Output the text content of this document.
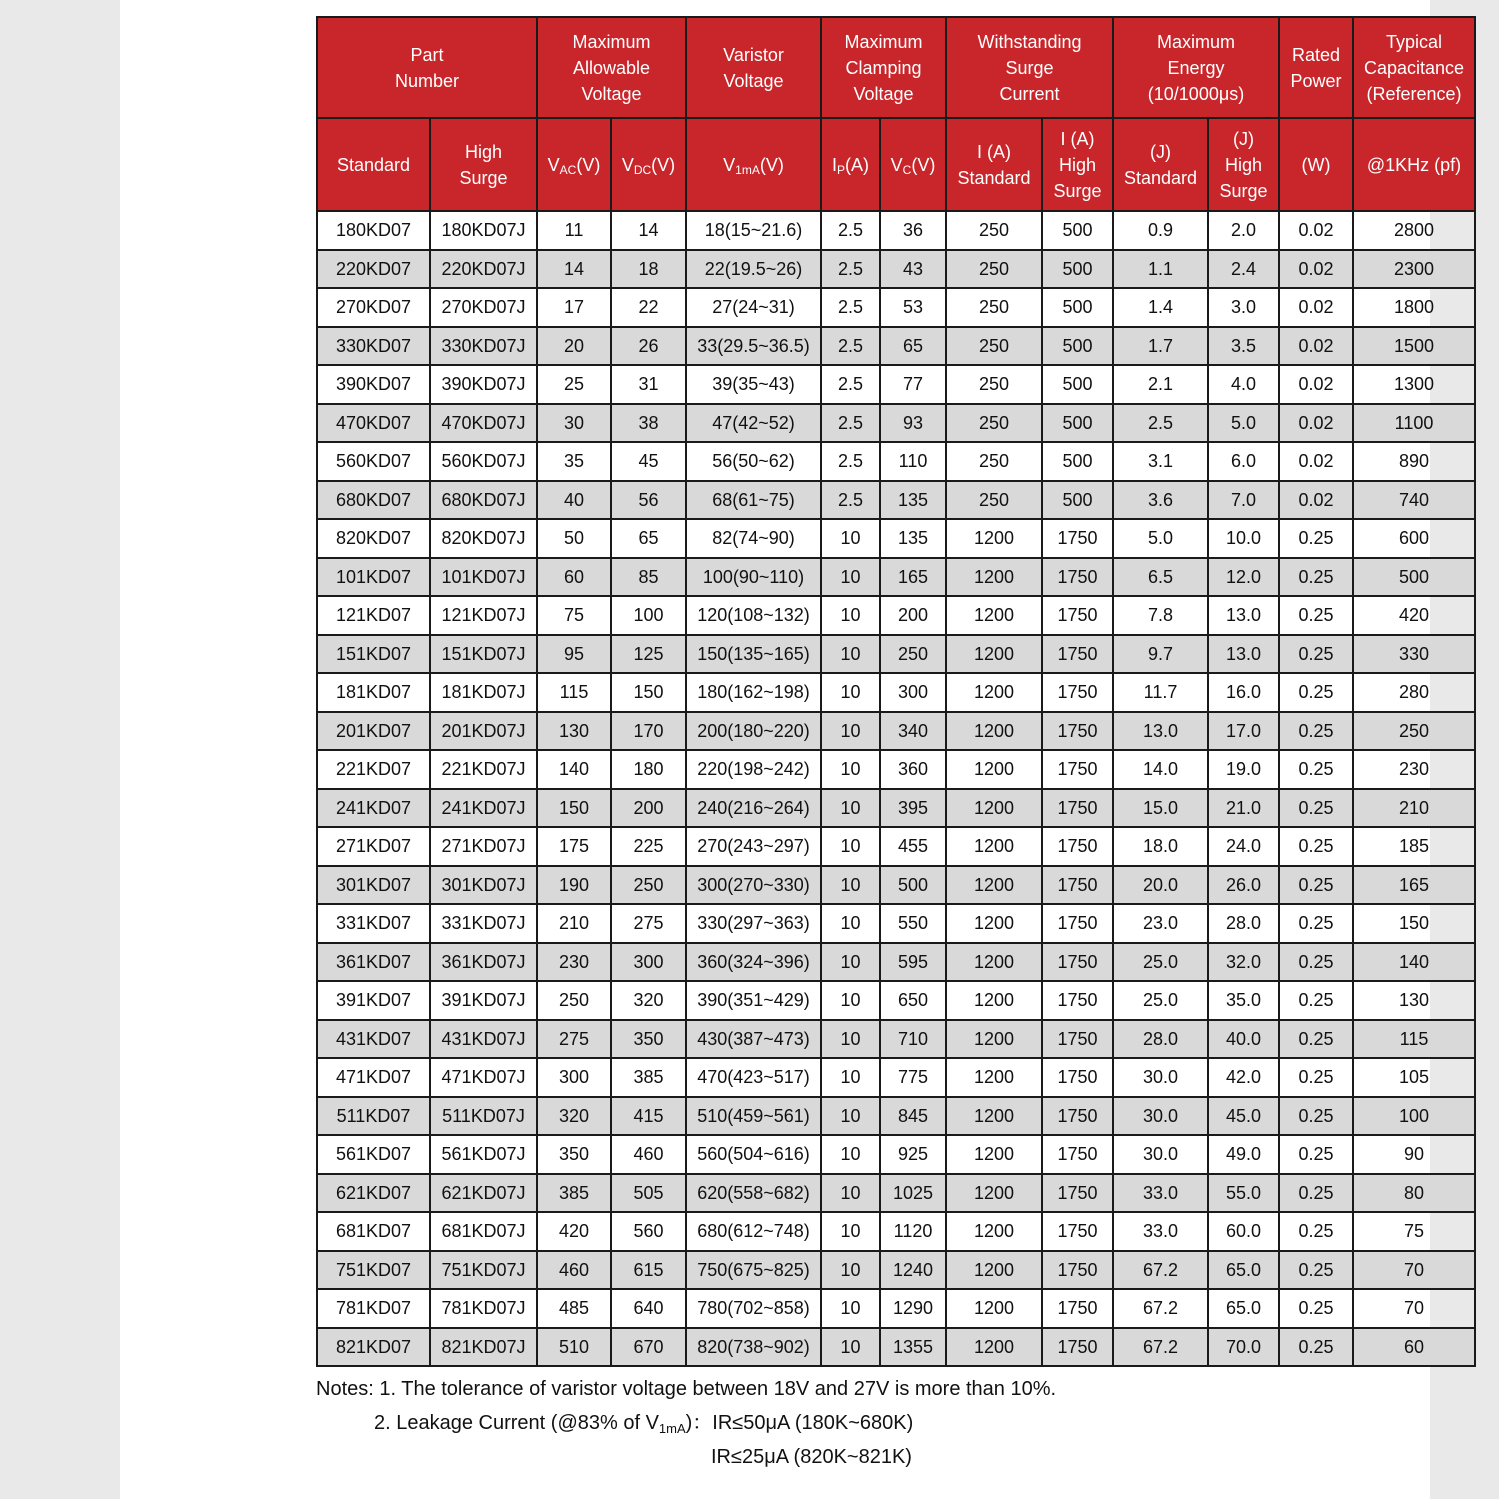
Part Number		Maximum Allowable Voltage		Varistor Voltage	Maximum Clamping Voltage		Withstanding Surge Current		Maximum Energy (10/1000μs)		Rated Power	Typical Capacitance (Reference)
Standard	High Surge	$V_{AC}(V)$	$V_{DC}(V)$	$V_{1mA}(V)$	$I_P(A)$	$V_C(V)$	I (A) Standard	I (A) High Surge	(J) Standard	(J) High Surge	(W)	@1KHz (pf)
180KD07	180KD07J	11	14	18(15~21.6)	2.5	36	250	500	0.9	2.0	0.02	2800
220KD07	220KD07J	14	18	22(19.5~26)	2.5	43	250	500	1.1	2.4	0.02	2300
270KD07	270KD07J	17	22	27(24~31)	2.5	53	250	500	1.4	3.0	0.02	1800
330KD07	330KD07J	20	26	33(29.5~36.5)	2.5	65	250	500	1.7	3.5	0.02	1500
390KD07	390KD07J	25	31	39(35~43)	2.5	77	250	500	2.1	4.0	0.02	1300
470KD07	470KD07J	30	38	47(42~52)	2.5	93	250	500	2.5	5.0	0.02	1100
560KD07	560KD07J	35	45	56(50~62)	2.5	110	250	500	3.1	6.0	0.02	890
680KD07	680KD07J	40	56	68(61~75)	2.5	135	250	500	3.6	7.0	0.02	740
820KD07	820KD07J	50	65	82(74~90)	10	135	1200	1750	5.0	10.0	0.25	600
101KD07	101KD07J	60	85	100(90~110)	10	165	1200	1750	6.5	12.0	0.25	500
121KD07	121KD07J	75	100	120(108~132)	10	200	1200	1750	7.8	13.0	0.25	420
151KD07	151KD07J	95	125	150(135~165)	10	250	1200	1750	9.7	13.0	0.25	330
181KD07	181KD07J	115	150	180(162~198)	10	300	1200	1750	11.7	16.0	0.25	280
201KD07	201KD07J	130	170	200(180~220)	10	340	1200	1750	13.0	17.0	0.25	250
221KD07	221KD07J	140	180	220(198~242)	10	360	1200	1750	14.0	19.0	0.25	230
241KD07	241KD07J	150	200	240(216~264)	10	395	1200	1750	15.0	21.0	0.25	210
271KD07	271KD07J	175	225	270(243~297)	10	455	1200	1750	18.0	24.0	0.25	185
301KD07	301KD07J	190	250	300(270~330)	10	500	1200	1750	20.0	26.0	0.25	165
331KD07	331KD07J	210	275	330(297~363)	10	550	1200	1750	23.0	28.0	0.25	150
361KD07	361KD07J	230	300	360(324~396)	10	595	1200	1750	25.0	32.0	0.25	140
391KD07	391KD07J	250	320	390(351~429)	10	650	1200	1750	25.0	35.0	0.25	130
431KD07	431KD07J	275	350	430(387~473)	10	710	1200	1750	28.0	40.0	0.25	115
471KD07	471KD07J	300	385	470(423~517)	10	775	1200	1750	30.0	42.0	0.25	105
511KD07	511KD07J	320	415	510(459~561)	10	845	1200	1750	30.0	45.0	0.25	100
561KD07	561KD07J	350	460	560(504~616)	10	925	1200	1750	30.0	49.0	0.25	90
621KD07	621KD07J	385	505	620(558~682)	10	1025	1200	1750	33.0	55.0	0.25	80
681KD07	681KD07J	420	560	680(612~748)	10	1120	1200	1750	33.0	60.0	0.25	75
751KD07	751KD07J	460	615	750(675~825)	10	1240	1200	1750	67.2	65.0	0.25	70
781KD07	781KD07J	485	640	780(702~858)	10	1290	1200	1750	67.2	65.0	0.25	70
821KD07	821KD07J	510	670	820(738~902)	10	1355	1200	1750	67.2	70.0	0.25	60
Notes: 1. The tolerance of varistor voltage between 18V and 27V is more than 10%.
2. Leakage Current (@83% of $V_{1mA}$)：IR≤50μA (180K~680K)
IR≤25μA (820K~821K)
